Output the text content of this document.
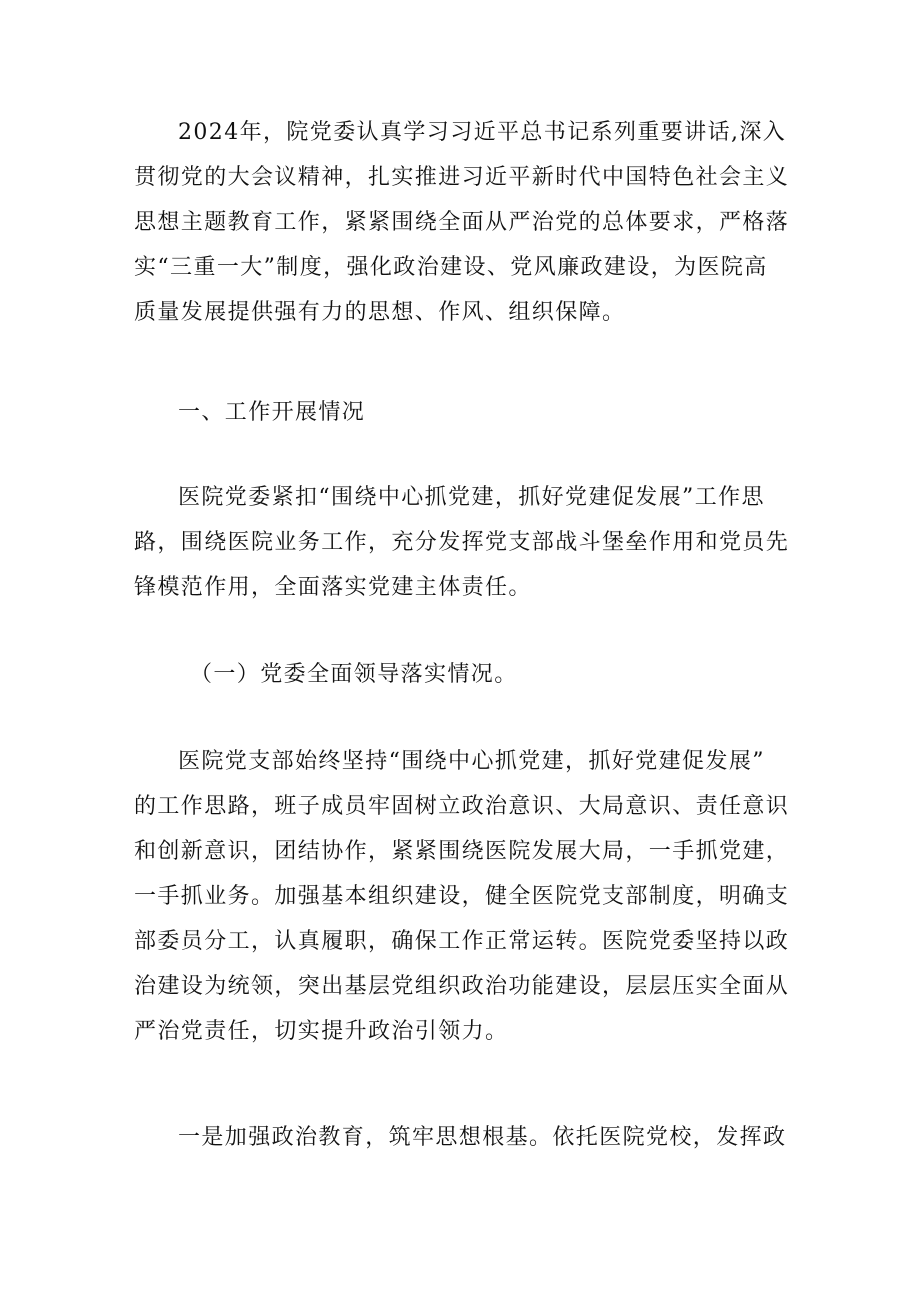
2024年，院党委认真学习习近平总书记系列重要讲话,深入
贯彻党的大会议精神，扎实推进习近平新时代中国特色社会主义
思想主题教育工作，紧紧围绕全面从严治党的总体要求，严格落
实“三重一大”制度，强化政治建设、党风廉政建设，为医院高
质量发展提供强有力的思想、作风、组织保障。
一、工作开展情况
医院党委紧扣“围绕中心抓党建，抓好党建促发展”工作思
路，围绕医院业务工作，充分发挥党支部战斗堡垒作用和党员先
锋模范作用，全面落实党建主体责任。
（一）党委全面领导落实情况。
医院党支部始终坚持“围绕中心抓党建，抓好党建促发展”
的工作思路，班子成员牢固树立政治意识、大局意识、责任意识
和创新意识，团结协作，紧紧围绕医院发展大局，一手抓党建，
一手抓业务。加强基本组织建设，健全医院党支部制度，明确支
部委员分工，认真履职，确保工作正常运转。医院党委坚持以政
治建设为统领，突出基层党组织政治功能建设，层层压实全面从
严治党责任，切实提升政治引领力。
一是加强政治教育，筑牢思想根基。依托医院党校，发挥政
